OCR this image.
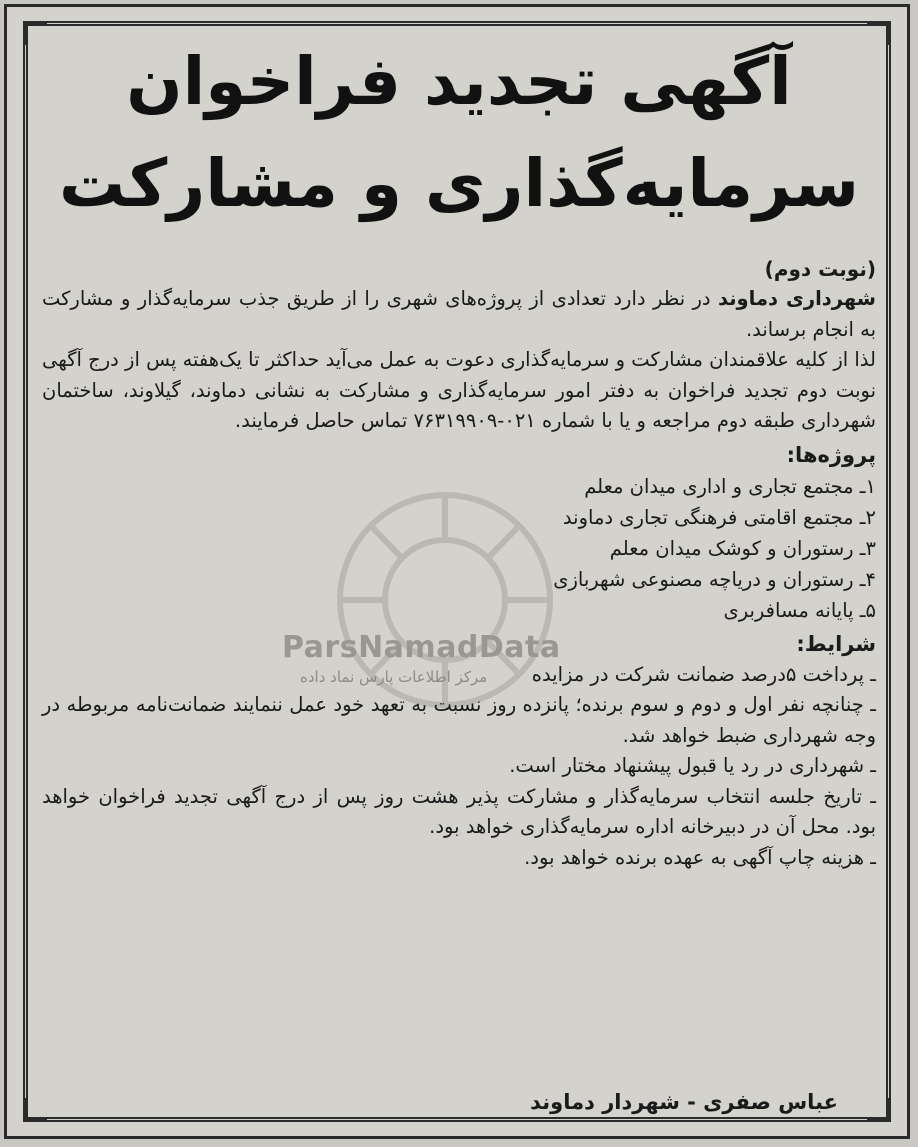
ParsNamadData
مرکز اطلاعات پارس نماد داده
آگهی تجدید فراخوان
سرمایه‌گذاری و مشارکت
(نوبت دوم)

شهرداری دماوند در نظر دارد تعدادی از پروژه‌های شهری را از طریق جذب سرمایه‌گذار و مشارکت به انجام برساند.

لذا از کلیه علاقمندان مشارکت و سرمایه‌گذاری دعوت به عمل می‌آید حداکثر تا یک‌هفته پس از درج آگهی نوبت دوم تجدید فراخوان به دفتر امور سرمایه‌گذاری و مشارکت به نشانی دماوند، گیلاوند، ساختمان شهرداری طبقه دوم مراجعه و یا با شماره ۰۲۱-۷۶۳۱۹۹۰۹ تماس حاصل فرمایند.

پروژه‌ها:
۱ـ مجتمع تجاری و اداری میدان معلم
۲ـ مجتمع اقامتی فرهنگی تجاری دماوند
۳ـ رستوران و کوشک میدان معلم
۴ـ رستوران و دریاچه مصنوعی شهربازی
۵ـ پایانه مسافربری
شرایط:

ـ پرداخت ۵درصد ضمانت شرکت در مزایده

ـ چنانچه نفر اول و دوم و سوم برنده؛ پانزده روز نسبت به تعهد خود عمل ننمایند ضمانت‌نامه مربوطه در وجه شهرداری ضبط خواهد شد.

ـ شهرداری در رد یا قبول پیشنهاد مختار است.

ـ تاریخ جلسه انتخاب سرمایه‌گذار و مشارکت پذیر هشت روز پس از درج آگهی تجدید فراخوان خواهد بود. محل آن در دبیرخانه اداره سرمایه‌گذاری خواهد بود.

ـ هزینه چاپ آگهی به عهده برنده خواهد بود.

عباس صفری - شهردار دماوند
